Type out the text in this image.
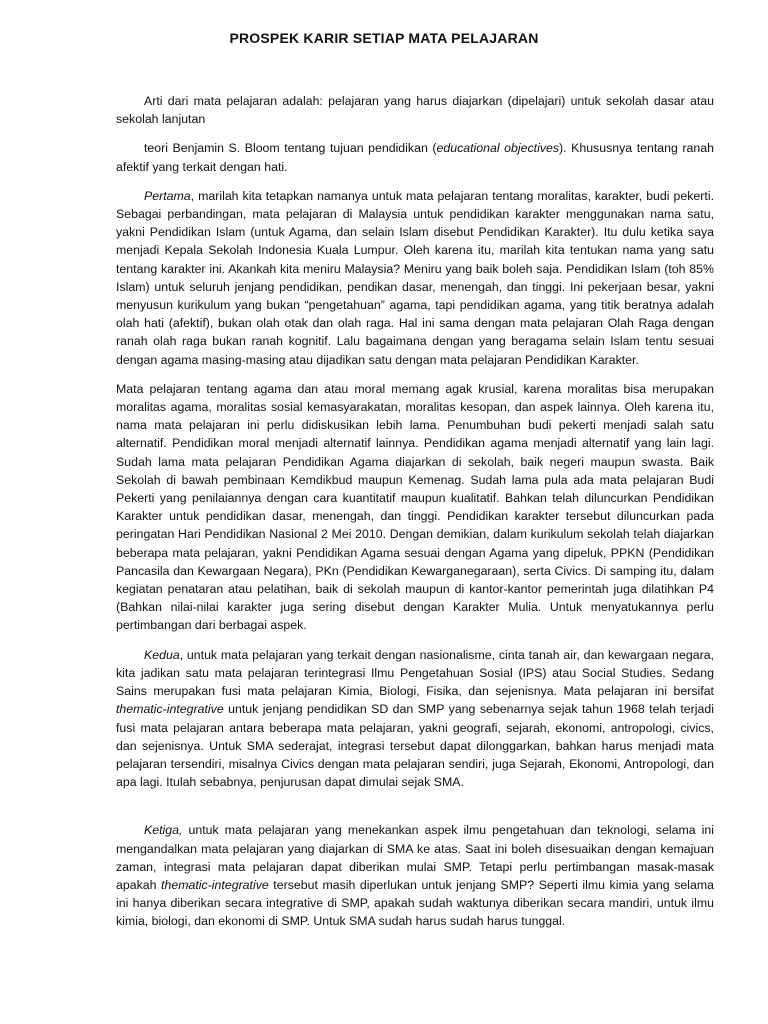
PROSPEK KARIR SETIAP MATA PELAJARAN

Arti dari mata pelajaran adalah: pelajaran yang harus diajarkan (dipelajari) untuk sekolah dasar atau sekolah lanjutan

teori Benjamin S. Bloom tentang tujuan pendidikan (educational objectives). Khususnya tentang ranah afektif yang terkait dengan hati.

Pertama, marilah kita tetapkan namanya untuk mata pelajaran tentang moralitas, karakter, budi pekerti. Sebagai perbandingan, mata pelajaran di Malaysia untuk pendidikan karakter menggunakan nama satu, yakni Pendidikan Islam (untuk Agama, dan selain Islam disebut Pendidikan Karakter). Itu dulu ketika saya menjadi Kepala Sekolah Indonesia Kuala Lumpur. Oleh karena itu, marilah kita tentukan nama yang satu tentang karakter ini. Akankah kita meniru Malaysia? Meniru yang baik boleh saja. Pendidikan Islam (toh 85% Islam) untuk seluruh jenjang pendidikan, pendikan dasar, menengah, dan tinggi. Ini pekerjaan besar, yakni menyusun kurikulum yang bukan “pengetahuan” agama, tapi pendidikan agama, yang titik beratnya adalah olah hati (afektif), bukan olah otak dan olah raga. Hal ini sama dengan mata pelajaran Olah Raga dengan ranah olah raga bukan ranah kognitif. Lalu bagaimana dengan yang beragama selain Islam tentu sesuai dengan agama masing-masing atau dijadikan satu dengan mata pelajaran Pendidikan Karakter.

Mata pelajaran tentang agama dan atau moral memang agak krusial, karena moralitas bisa merupakan moralitas agama, moralitas sosial kemasyarakatan, moralitas kesopan, dan aspek lainnya. Oleh karena itu, nama mata pelajaran ini perlu didiskusikan lebih lama. Penumbuhan budi pekerti menjadi salah satu alternatif. Pendidikan moral menjadi alternatif lainnya. Pendidikan agama menjadi alternatif yang lain lagi. Sudah lama mata pelajaran Pendidikan Agama diajarkan di sekolah, baik negeri maupun swasta. Baik Sekolah di bawah pembinaan Kemdikbud maupun Kemenag. Sudah lama pula ada mata pelajaran Budi Pekerti yang penilaiannya dengan cara kuantitatif maupun kualitatif. Bahkan telah diluncurkan Pendidikan Karakter untuk pendidikan dasar, menengah, dan tinggi. Pendidikan karakter tersebut diluncurkan pada peringatan Hari Pendidikan Nasional 2 Mei 2010. Dengan demikian, dalam kurikulum sekolah telah diajarkan beberapa mata pelajaran, yakni Pendidikan Agama sesuai dengan Agama yang dipeluk, PPKN (Pendidikan Pancasila dan Kewargaan Negara), PKn (Pendidikan Kewarganegaraan), serta Civics. Di samping itu, dalam kegiatan penataran atau pelatihan, baik di sekolah maupun di kantor-kantor pemerintah juga dilatihkan P4 (Bahkan nilai-nilai karakter juga sering disebut dengan Karakter Mulia. Untuk menyatukannya perlu pertimbangan dari berbagai aspek.

Kedua, untuk mata pelajaran yang terkait dengan nasionalisme, cinta tanah air, dan kewargaan negara, kita jadikan satu mata pelajaran terintegrasi Ilmu Pengetahuan Sosial (IPS) atau Social Studies. Sedang Sains merupakan fusi mata pelajaran Kimia, Biologi, Fisika, dan sejenisnya. Mata pelajaran ini bersifat thematic-integrative untuk jenjang pendidikan SD dan SMP yang sebenarnya sejak tahun 1968 telah terjadi fusi mata pelajaran antara beberapa mata pelajaran, yakni geografi, sejarah, ekonomi, antropologi, civics, dan sejenisnya. Untuk SMA sederajat, integrasi tersebut dapat dilonggarkan, bahkan harus menjadi mata pelajaran tersendiri, misalnya Civics dengan mata pelajaran sendiri, juga Sejarah, Ekonomi, Antropologi, dan apa lagi. Itulah sebabnya, penjurusan dapat dimulai sejak SMA.

Ketiga, untuk mata pelajaran yang menekankan aspek ilmu pengetahuan dan teknologi, selama ini mengandalkan mata pelajaran yang diajarkan di SMA ke atas. Saat ini boleh disesuaikan dengan kemajuan zaman, integrasi mata pelajaran dapat diberikan mulai SMP. Tetapi perlu pertimbangan masak-masak apakah thematic-integrative tersebut masih diperlukan untuk jenjang SMP? Seperti ilmu kimia yang selama ini hanya diberikan secara integrative di SMP, apakah sudah waktunya diberikan secara mandiri, untuk ilmu kimia, biologi, dan ekonomi di SMP. Untuk SMA sudah harus sudah harus tunggal.
